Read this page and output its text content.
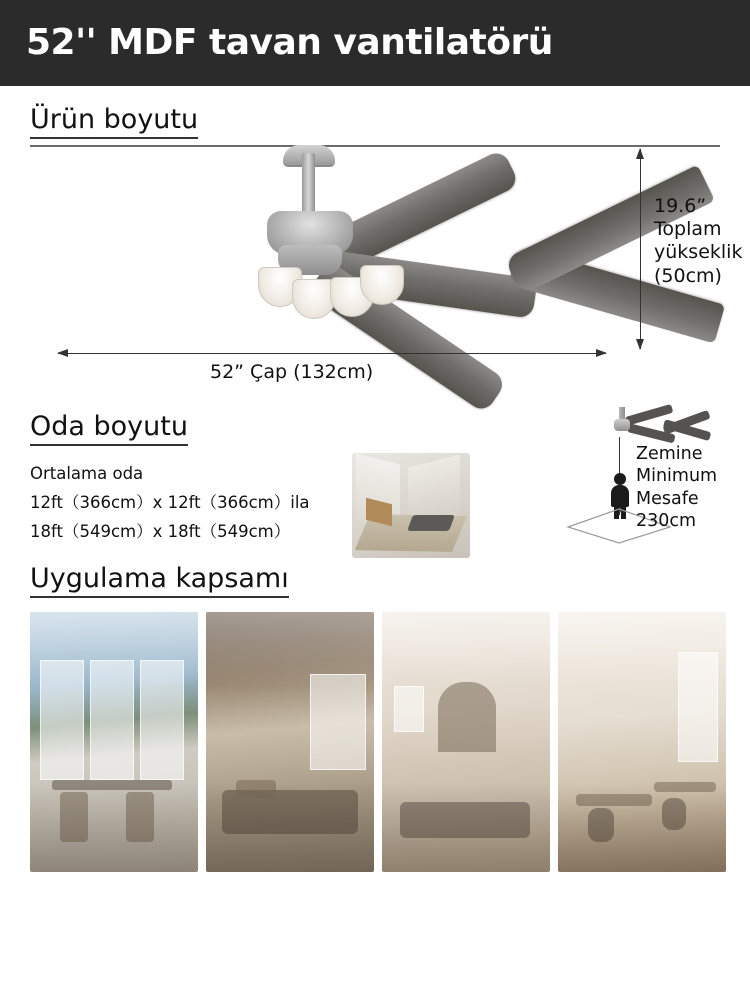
52'' MDF tavan vantilatörü
Ürün boyutu
52” Çap (132cm)
19.6”
Toplam
yükseklik
(50cm)
Oda boyutu
Ortalama oda
12ft（366cm）x 12ft（366cm）ila
18ft（549cm）x 18ft（549cm）
Zemine
Minimum
Mesafe
230cm
Uygulama kapsamı
